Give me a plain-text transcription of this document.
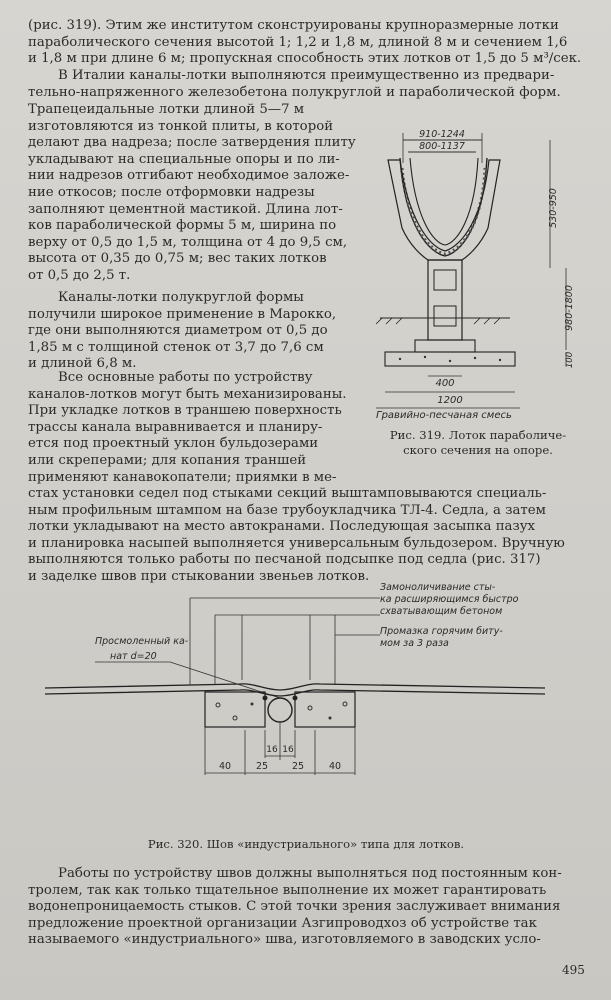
(рис. 319). Этим же институтом сконструированы крупноразмерные лотки
параболического сечения высотой 1; 1,2 и 1,8 м, длиной 8 м и сечением 1,6
и 1,8 м при длине 6 м; пропускная способность этих лотков от 1,5 до 5 м³/сек.
В Италии каналы-лотки выполняются преимущественно из предвари-
тельно-напряженного железобетона полукруглой и параболической форм.
Трапецеидальные лотки длиной 5—7 м
изготовляются из тонкой плиты, в которой
делают два надреза; после затвердения плиту
укладывают на специальные опоры и по ли-
нии надрезов отгибают необходимое заложе-
ние откосов; после отформовки надрезы
заполняют цементной мастикой. Длина лот-
ков параболической формы 5 м, ширина по
верху от 0,5 до 1,5 м, толщина от 4 до 9,5 см,
высота от 0,35 до 0,75 м; вес таких лотков
от 0,5 до 2,5 т.
Каналы-лотки полукруглой формы
получили широкое применение в Марокко,
где они выполняются диаметром от 0,5 до
1,85 м с толщиной стенок от 3,7 до 7,6 см
и длиной 6,8 м.
Все основные работы по устройству
каналов-лотков могут быть механизированы.
При укладке лотков в траншею поверхность
трассы канала выравнивается и планиру-
ется под проектный уклон бульдозерами
или скреперами; для копания траншей
применяют канавокопатели; приямки в ме-
стах установки седел под стыками секций выштамповываются специаль-
ным профильным штампом на базе трубоукладчика ТЛ-4. Седла, а затем
лотки укладывают на место автокранами. Последующая засыпка пазух
и планировка насыпей выполняется универсальным бульдозером. Вручную
выполняются только работы по песчаной подсыпке под седла (рис. 317)
и заделке швов при стыковании звеньев лотков.
910-1244
800-1137
530-950
980-1800
100
400
1200
Гравийно-песчаная смесь
Рис. 319. Лоток параболиче-
ского сечения на опоре.
Замоноличивание сты-
ка расширяющимся быстро
схватывающим бетоном
Промазка горячим биту-
мом за 3 раза
Просмоленный ка-
нат d=20
40	25
16 16
25	40
Рис. 320. Шов «индустриального» типа для лотков.
Работы по устройству швов должны выполняться под постоянным кон-
тролем, так как только тщательное выполнение их может гарантировать
водонепроницаемость стыков. С этой точки зрения заслуживает внимания
предложение проектной организации Азгипроводхоз об устройстве так
называемого «индустриального» шва, изготовляемого в заводских усло-
495
